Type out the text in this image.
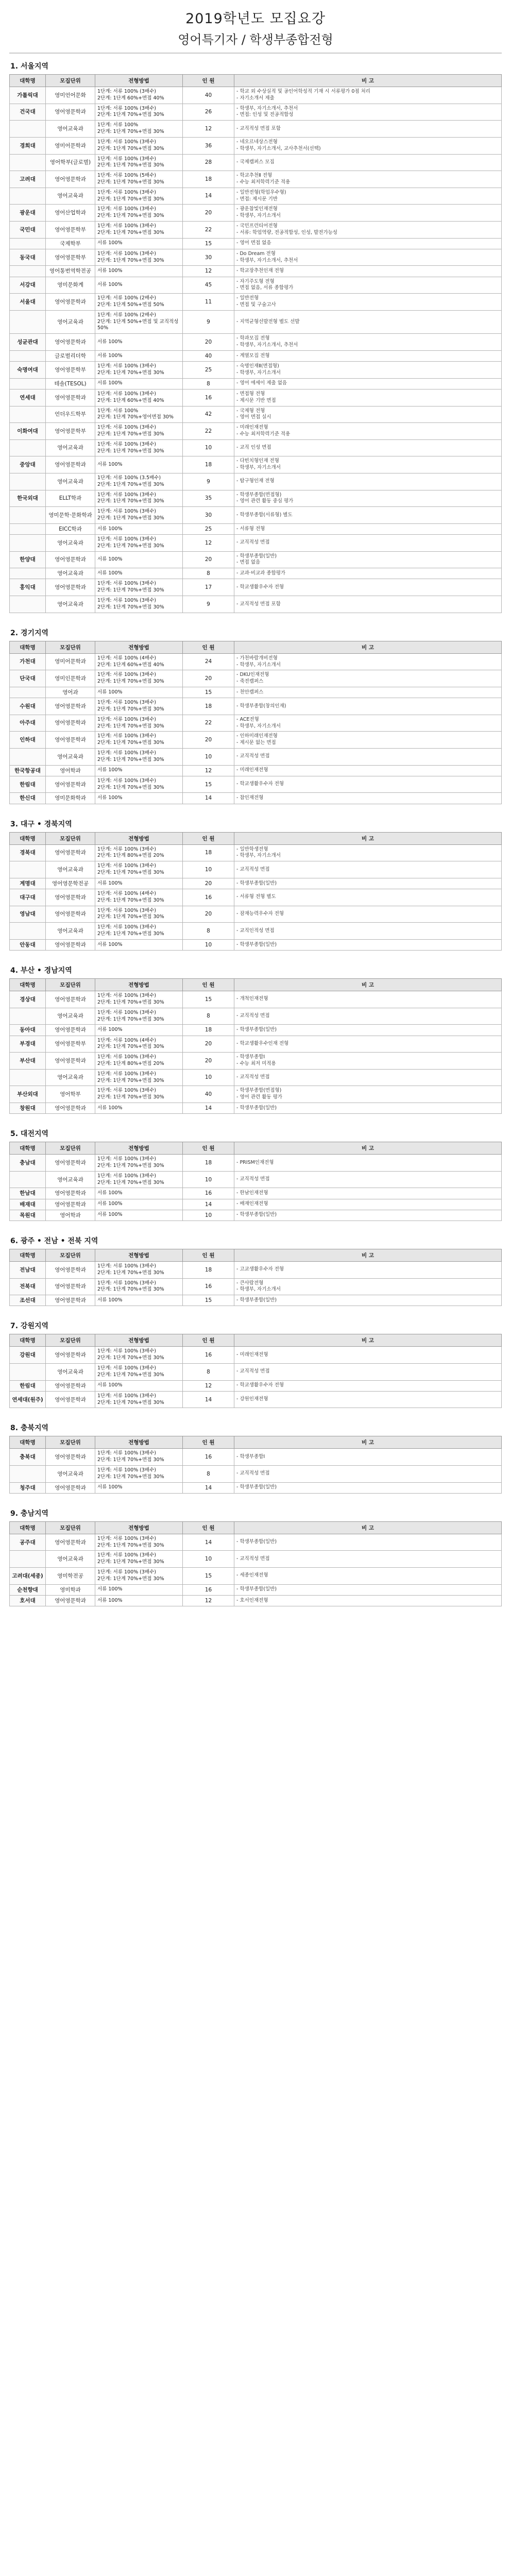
2019학년도 모집요강
영어특기자 / 학생부종합전형
1. 서울지역
대학명	모집단위	전형방법	인 원	비 고
가톨릭대	영미언어문화	1단계: 서류 100% (3배수)
2단계: 1단계 60%+면접 40%	40	- 학교 외 수상실적 및 공인어학성적 기재 시 서류평가 0점 처리
- 자기소개서 제출
건국대	영어영문학과	1단계: 서류 100% (3배수)
2단계: 1단계 70%+면접 30%	26	- 학생부, 자기소개서, 추천서
- 면접: 인성 및 전공적합성
	영어교육과	1단계: 서류 100%
2단계: 1단계 70%+면접 30%	12	- 교직적성 면접 포함
경희대	영미어문학과	1단계: 서류 100% (3배수)
2단계: 1단계 70%+면접 30%	36	- 네오르네상스전형
- 학생부, 자기소개서, 교사추천서(선택)
	영어학부(글로벌)	1단계: 서류 100% (3배수)
2단계: 1단계 70%+면접 30%	28	- 국제캠퍼스 모집
고려대	영어영문학과	1단계: 서류 100% (5배수)
2단계: 1단계 70%+면접 30%	18	- 학교추천Ⅱ 전형
- 수능 최저학력기준 적용
	영어교육과	1단계: 서류 100% (3배수)
2단계: 1단계 70%+면접 30%	14	- 일반전형(학업우수형)
- 면접: 제시문 기반
광운대	영어산업학과	1단계: 서류 100% (3배수)
2단계: 1단계 70%+면접 30%	20	- 광운참빛인재전형
- 학생부, 자기소개서
국민대	영어영문학부	1단계: 서류 100% (3배수)
2단계: 1단계 70%+면접 30%	22	- 국민프런티어전형
- 서류: 학업역량, 전공적합성, 인성, 발전가능성
	국제학부	서류 100%	15	- 영어 면접 없음
동국대	영어영문학부	1단계: 서류 100% (3배수)
2단계: 1단계 70%+면접 30%	30	- Do Dream 전형
- 학생부, 자기소개서, 추천서
	영어통번역학전공	서류 100%	12	- 학교장추천인재 전형
서강대	영미문화계	서류 100%	45	- 자기주도형 전형
- 면접 없음, 서류 종합평가
서울대	영어영문학과	1단계: 서류 100% (2배수)
2단계: 1단계 50%+면접 50%	11	- 일반전형
- 면접 및 구술고사
	영어교육과	1단계: 서류 100% (2배수)
2단계: 1단계 50%+면접 및 교직적성 50%	9	- 지역균형선발전형 별도 선발
성균관대	영어영문학과	서류 100%	20	- 학과모집 전형
- 학생부, 자기소개서, 추천서
	글로벌리더학	서류 100%	40	- 계열모집 전형
숙명여대	영어영문학부	1단계: 서류 100% (3배수)
2단계: 1단계 70%+면접 30%	25	- 숙명인재Ⅱ(면접형)
- 학생부, 자기소개서
	테솔(TESOL)	서류 100%	8	- 영어 에세이 제출 없음
연세대	영어영문학과	1단계: 서류 100% (3배수)
2단계: 1단계 60%+면접 40%	16	- 면접형 전형
- 제시문 기반 면접
	언더우드학부	1단계: 서류 100%
2단계: 1단계 70%+영어면접 30%	42	- 국제형 전형
- 영어 면접 실시
이화여대	영어영문학부	1단계: 서류 100% (3배수)
2단계: 1단계 70%+면접 30%	22	- 미래인재전형
- 수능 최저학력기준 적용
	영어교육과	1단계: 서류 100% (3배수)
2단계: 1단계 70%+면접 30%	10	- 교직 인성 면접
중앙대	영어영문학과	서류 100%	18	- 다빈치형인재 전형
- 학생부, 자기소개서
	영어교육과	1단계: 서류 100% (3.5배수)
2단계: 1단계 70%+면접 30%	9	- 탐구형인재 전형
한국외대	ELLT학과	1단계: 서류 100% (3배수)
2단계: 1단계 70%+면접 30%	35	- 학생부종합(면접형)
- 영어 관련 활동 중심 평가
	영미문학·문화학과	1단계: 서류 100% (3배수)
2단계: 1단계 70%+면접 30%	30	- 학생부종합(서류형) 별도
	EICC학과	서류 100%	25	- 서류형 전형
	영어교육과	1단계: 서류 100% (3배수)
2단계: 1단계 70%+면접 30%	12	- 교직적성 면접
한양대	영어영문학과	서류 100%	20	- 학생부종합(일반)
- 면접 없음
	영어교육과	서류 100%	8	- 교과·비교과 종합평가
홍익대	영어영문학과	1단계: 서류 100% (3배수)
2단계: 1단계 70%+면접 30%	17	- 학교생활우수자 전형
	영어교육과	1단계: 서류 100% (3배수)
2단계: 1단계 70%+면접 30%	9	- 교직적성 면접 포함
2. 경기지역
대학명	모집단위	전형방법	인 원	비 고
가천대	영미어문학과	1단계: 서류 100% (4배수)
2단계: 1단계 60%+면접 40%	24	- 가천바람개비전형
- 학생부, 자기소개서
단국대	영미인문학과	1단계: 서류 100% (3배수)
2단계: 1단계 70%+면접 30%	20	- DKU인재전형
- 죽전캠퍼스
	영어과	서류 100%	15	- 천안캠퍼스
수원대	영어영문학과	1단계: 서류 100% (3배수)
2단계: 1단계 70%+면접 30%	18	- 학생부종합(창의인재)
아주대	영어영문학과	1단계: 서류 100% (3배수)
2단계: 1단계 70%+면접 30%	22	- ACE전형
- 학생부, 자기소개서
인하대	영어영문학과	1단계: 서류 100% (3배수)
2단계: 1단계 70%+면접 30%	20	- 인하미래인재전형
- 제시문 없는 면접
	영어교육과	1단계: 서류 100% (3배수)
2단계: 1단계 70%+면접 30%	10	- 교직적성 면접
한국항공대	영어학과	서류 100%	12	- 미래인재전형
한림대	영어영문학과	1단계: 서류 100% (3배수)
2단계: 1단계 70%+면접 30%	15	- 학교생활우수자 전형
한신대	영미문화학과	서류 100%	14	- 참인재전형
3. 대구 • 경북지역
대학명	모집단위	전형방법	인 원	비 고
경북대	영어영문학과	1단계: 서류 100% (3배수)
2단계: 1단계 80%+면접 20%	18	- 일반학생전형
- 학생부, 자기소개서
	영어교육과	1단계: 서류 100% (3배수)
2단계: 1단계 70%+면접 30%	10	- 교직적성 면접
계명대	영어영문학전공	서류 100%	20	- 학생부종합(일반)
대구대	영어영문학과	1단계: 서류 100% (4배수)
2단계: 1단계 70%+면접 30%	16	- 서류형 전형 별도
영남대	영어영문학과	1단계: 서류 100% (3배수)
2단계: 1단계 70%+면접 30%	20	- 잠재능력우수자 전형
	영어교육과	1단계: 서류 100% (3배수)
2단계: 1단계 70%+면접 30%	8	- 교직인적성 면접
안동대	영어영문학과	서류 100%	10	- 학생부종합(일반)
4. 부산 • 경남지역
대학명	모집단위	전형방법	인 원	비 고
경상대	영어영문학과	1단계: 서류 100% (3배수)
2단계: 1단계 70%+면접 30%	15	- 개척인재전형
	영어교육과	1단계: 서류 100% (3배수)
2단계: 1단계 70%+면접 30%	8	- 교직적성 면접
동아대	영어영문학과	서류 100%	18	- 학생부종합(일반)
부경대	영어영문학부	1단계: 서류 100% (4배수)
2단계: 1단계 70%+면접 30%	20	- 학교생활우수인재 전형
부산대	영어영문학과	1단계: 서류 100% (3배수)
2단계: 1단계 80%+면접 20%	20	- 학생부종합Ⅰ
- 수능 최저 미적용
	영어교육과	1단계: 서류 100% (3배수)
2단계: 1단계 70%+면접 30%	10	- 교직적성 면접
부산외대	영어학부	1단계: 서류 100% (3배수)
2단계: 1단계 70%+면접 30%	40	- 학생부종합(면접형)
- 영어 관련 활동 평가
창원대	영어영문학과	서류 100%	14	- 학생부종합(일반)
5. 대전지역
대학명	모집단위	전형방법	인 원	비 고
충남대	영어영문학과	1단계: 서류 100% (3배수)
2단계: 1단계 70%+면접 30%	18	- PRISM인재전형
	영어교육과	1단계: 서류 100% (3배수)
2단계: 1단계 70%+면접 30%	10	- 교직적성 면접
한남대	영어영문학과	서류 100%	16	- 한남인재전형
배재대	영어영문학과	서류 100%	14	- 배재인재전형
목원대	영어학과	서류 100%	10	- 학생부종합(일반)
6. 광주 • 전남 • 전북 지역
대학명	모집단위	전형방법	인 원	비 고
전남대	영어영문학과	1단계: 서류 100% (3배수)
2단계: 1단계 70%+면접 30%	18	- 고교생활우수자 전형
전북대	영어영문학과	1단계: 서류 100% (3배수)
2단계: 1단계 70%+면접 30%	16	- 큰사람전형
- 학생부, 자기소개서
조선대	영어영문학과	서류 100%	15	- 학생부종합(일반)
7. 강원지역
대학명	모집단위	전형방법	인 원	비 고
강원대	영어영문학과	1단계: 서류 100% (3배수)
2단계: 1단계 70%+면접 30%	16	- 미래인재전형
	영어교육과	1단계: 서류 100% (3배수)
2단계: 1단계 70%+면접 30%	8	- 교직적성 면접
한림대	영어영문학과	서류 100%	12	- 학교생활우수자 전형
연세대(원주)	영어영문학과	1단계: 서류 100% (3배수)
2단계: 1단계 70%+면접 30%	14	- 강원인재전형
8. 충북지역
대학명	모집단위	전형방법	인 원	비 고
충북대	영어영문학과	1단계: 서류 100% (3배수)
2단계: 1단계 70%+면접 30%	16	- 학생부종합Ⅰ
	영어교육과	1단계: 서류 100% (3배수)
2단계: 1단계 70%+면접 30%	8	- 교직적성 면접
청주대	영어영문학과	서류 100%	14	- 학생부종합(일반)
9. 충남지역
대학명	모집단위	전형방법	인 원	비 고
공주대	영어영문학과	1단계: 서류 100% (3배수)
2단계: 1단계 70%+면접 30%	14	- 학생부종합(일반)
	영어교육과	1단계: 서류 100% (3배수)
2단계: 1단계 70%+면접 30%	10	- 교직적성 면접
고려대(세종)	영미학전공	1단계: 서류 100% (3배수)
2단계: 1단계 70%+면접 30%	15	- 세종인재전형
순천향대	영미학과	서류 100%	16	- 학생부종합(일반)
호서대	영어영문학과	서류 100%	12	- 호서인재전형
